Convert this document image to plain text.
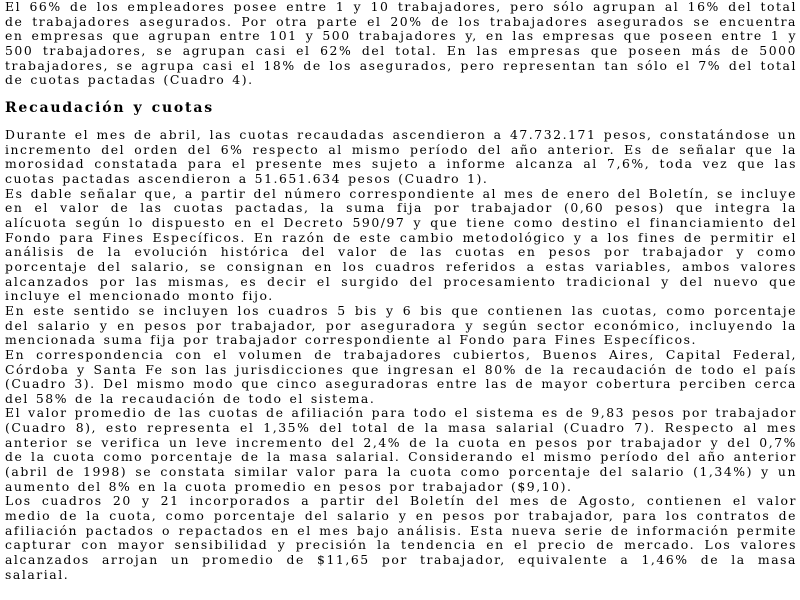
El 66% de los empleadores posee entre 1 y 10 trabajadores, pero sólo agrupan al 16% del total de trabajadores asegurados. Por otra parte el 20% de los trabajadores asegurados se encuentra en empresas que agrupan entre 101 y 500 trabajadores y, en las empresas que poseen entre 1 y 500 trabajadores, se agrupan casi el 62% del total. En las empresas que poseen más de 5000 trabajadores, se agrupa casi el 18% de los asegurados, pero representan tan sólo el 7% del total de cuotas pactadas (Cuadro 4).

Recaudación y cuotas

Durante el mes de abril, las cuotas recaudadas ascendieron a 47.732.171 pesos, constatándose un incremento del orden del 6% respecto al mismo período del año anterior. Es de señalar que la morosidad constatada para el presente mes sujeto a informe alcanza al 7,6%, toda vez que las cuotas pactadas ascendieron a 51.651.634 pesos (Cuadro 1).

Es dable señalar que, a partir del número correspondiente al mes de enero del Boletín, se incluye en el valor de las cuotas pactadas, la suma fija por trabajador (0,60 pesos) que integra la alícuota según lo dispuesto en el Decreto 590/97 y que tiene como destino el financiamiento del Fondo para Fines Específicos. En razón de este cambio metodológico y a los fines de permitir el análisis de la evolución histórica del valor de las cuotas en pesos por trabajador y como porcentaje del salario, se consignan en los cuadros referidos a estas variables, ambos valores alcanzados por las mismas, es decir el surgido del procesamiento tradicional y del nuevo que incluye el mencionado monto fijo.

En este sentido se incluyen los cuadros 5 bis y 6 bis que contienen las cuotas, como porcentaje del salario y en pesos por trabajador, por aseguradora y según sector económico, incluyendo la mencionada suma fija por trabajador correspondiente al Fondo para Fines Específicos.

En correspondencia con el volumen de trabajadores cubiertos, Buenos Aires, Capital Federal, Córdoba y Santa Fe son las jurisdicciones que ingresan el 80% de la recaudación de todo el país (Cuadro 3). Del mismo modo que cinco aseguradoras entre las de mayor cobertura perciben cerca del 58% de la recaudación de todo el sistema.

El valor promedio de las cuotas de afiliación para todo el sistema es de 9,83 pesos por trabajador (Cuadro 8), esto representa el 1,35% del total de la masa salarial (Cuadro 7). Respecto al mes anterior se verifica un leve incremento del 2,4% de la cuota en pesos por trabajador y del 0,7% de la cuota como porcentaje de la masa salarial. Considerando el mismo período del año anterior (abril de 1998) se constata similar valor para la cuota como porcentaje del salario (1,34%) y un aumento del 8% en la cuota promedio en pesos por trabajador ($9,10).

Los cuadros 20 y 21 incorporados a partir del Boletín del mes de Agosto, contienen el valor medio de la cuota, como porcentaje del salario y en pesos por trabajador, para los contratos de afiliación pactados o repactados en el mes bajo análisis. Esta nueva serie de información permite capturar con mayor sensibilidad y precisión la tendencia en el precio de mercado. Los valores alcanzados arrojan un promedio de $11,65 por trabajador, equivalente a 1,46% de la masa salarial.
